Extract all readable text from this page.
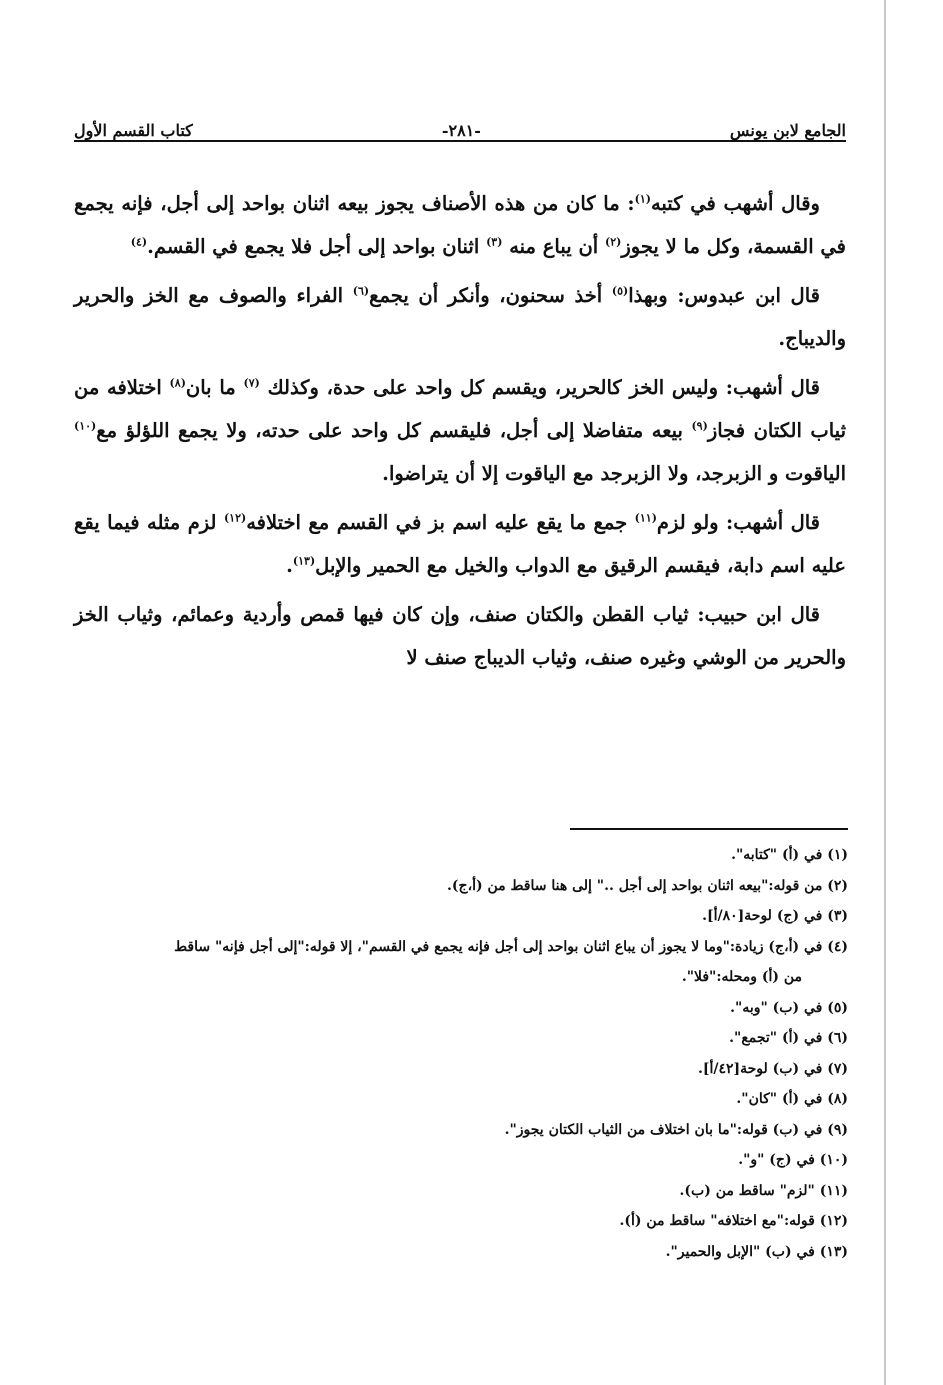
الجامع لابن يونس
-٢٨١-
كتاب القسم الأول

وقال أشهب في كتبه$^{(١)}$: ما كان من هذه الأصناف يجوز بيعه اثنان بواحد إلى أجل، فإنه يجمع في القسمة، وكل ما لا يجوز$^{(٢)}$ أن يباع منه $^{(٣)}$ اثنان بواحد إلى أجل فلا يجمع في القسم.$^{(٤)}$

قال ابن عبدوس: وبهذا$^{(٥)}$ أخذ سحنون، وأنكر أن يجمع$^{(٦)}$ الفراء والصوف مع الخز والحرير والديباج.

قال أشهب: وليس الخز كالحرير، ويقسم كل واحد على حدة، وكذلك $^{(٧)}$ ما بان$^{(٨)}$ اختلافه من ثياب الكتان فجاز$^{(٩)}$ بيعه متفاضلا إلى أجل، فليقسم كل واحد على حدته، ولا يجمع اللؤلؤ مع$^{(١٠)}$ الياقوت و الزبرجد، ولا الزبرجد مع الياقوت إلا أن يتراضوا.

قال أشهب: ولو لزم$^{(١١)}$ جمع ما يقع عليه اسم بز في القسم مع اختلافه$^{(١٢)}$ لزم مثله فيما يقع عليه اسم دابة، فيقسم الرقيق مع الدواب والخيل مع الحمير والإبل$^{(١٣)}$.

قال ابن حبيب: ثياب القطن والكتان صنف، وإن كان فيها قمص وأردية وعمائم، وثياب الخز والحرير من الوشي وغيره صنف، وثياب الديباج صنف لا

(١) في (أ) "كتابه".
(٢) من قوله:"بيعه اثنان بواحد إلى أجل .." إلى هنا ساقط من (أ،ج).
(٣) في (ج) لوحة[٨٠/أ].
(٤) في (أ،ج) زيادة:"وما لا يجوز أن يباع اثنان بواحد إلى أجل فإنه يجمع في القسم"، إلا قوله:"إلى أجل فإنه" ساقط
من (أ) ومحله:"فلا".
(٥) في (ب) "وبه".
(٦) في (أ) "تجمع".
(٧) في (ب) لوحة[٤٢/أ].
(٨) في (أ) "كان".
(٩) في (ب) قوله:"ما بان اختلاف من الثياب الكتان يجوز".
(١٠) في (ج) "و".
(١١) "لزم" ساقط من (ب).
(١٢) قوله:"مع اختلافه" ساقط من (أ).
(١٣) في (ب) "الإبل والحمير".
